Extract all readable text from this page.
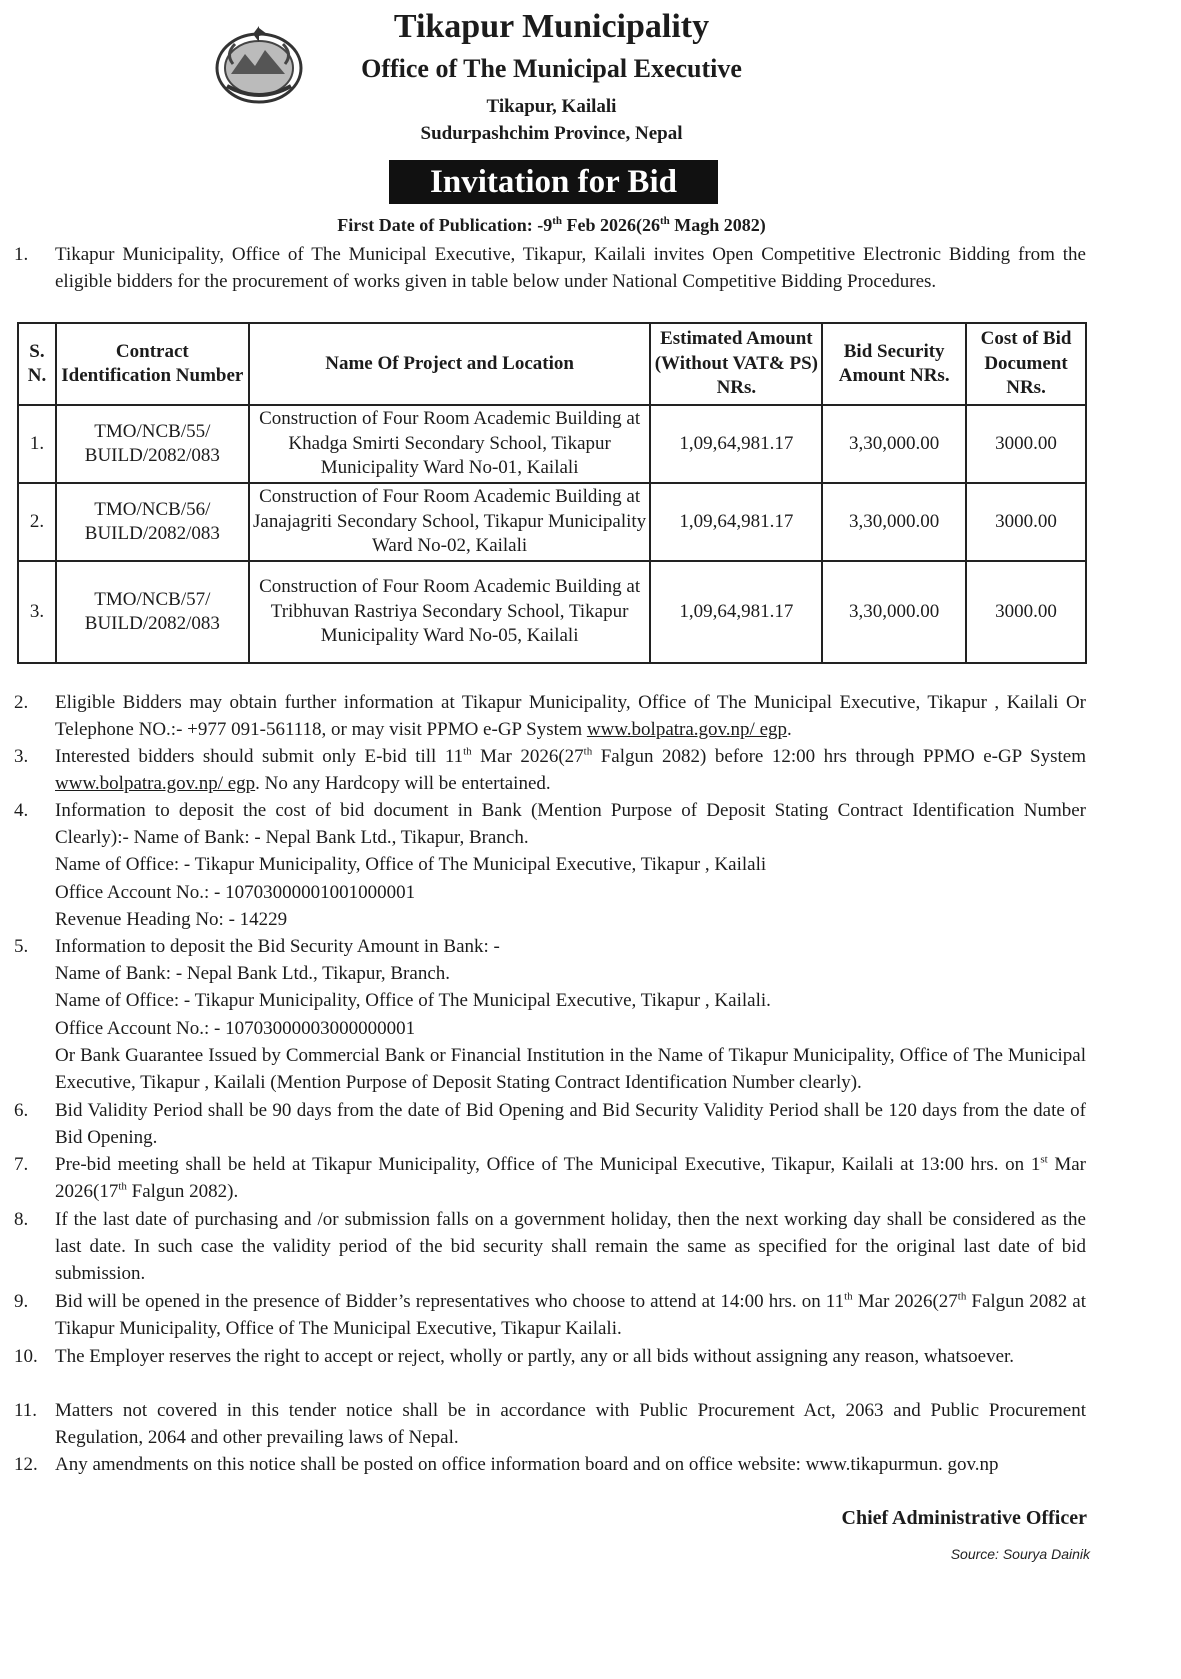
Tikapur Municipality
Office of The Municipal Executive
Tikapur, Kailali
Sudurpashchim Province, Nepal
Invitation for Bid
First Date of Publication: -9th Feb 2026(26th Magh 2082)
1. Tikapur Municipality, Office of The Municipal Executive, Tikapur, Kailali invites Open Competitive Electronic Bidding from the eligible bidders for the procurement of works given in table below under National Competitive Bidding Procedures.
S. N.	Contract Identification Number	Name Of Project and Location	Estimated Amount (Without VAT& PS) NRs.	Bid Security Amount NRs.	Cost of Bid Document NRs.
1.	TMO/NCB/55/ BUILD/2082/083	Construction of Four Room Academic Building at Khadga Smirti Secondary School, Tikapur Municipality Ward No-01, Kailali	1,09,64,981.17	3,30,000.00	3000.00
2.	TMO/NCB/56/ BUILD/2082/083	Construction of Four Room Academic Building at Janajagriti Secondary School, Tikapur Municipality Ward No-02, Kailali	1,09,64,981.17	3,30,000.00	3000.00
3.	TMO/NCB/57/ BUILD/2082/083	Construction of Four Room Academic Building at Tribhuvan Rastriya Secondary School, Tikapur Municipality Ward No-05, Kailali	1,09,64,981.17	3,30,000.00	3000.00
2. Eligible Bidders may obtain further information at Tikapur Municipality, Office of The Municipal Executive, Tikapur , Kailali Or Telephone NO.:- +977 091-561118, or may visit PPMO e-GP System www.bolpatra.gov.np/ egp.
3. Interested bidders should submit only E-bid till 11th Mar 2026(27th Falgun 2082) before 12:00 hrs through PPMO e-GP System www.bolpatra.gov.np/ egp. No any Hardcopy will be entertained.
4. Information to deposit the cost of bid document in Bank (Mention Purpose of Deposit Stating Contract Identification Number Clearly):- Name of Bank: - Nepal Bank Ltd., Tikapur, Branch.
Name of Office: - Tikapur Municipality, Office of The Municipal Executive, Tikapur , Kailali
Office Account No.: - 10703000001001000001
Revenue Heading No: - 14229
5. Information to deposit the Bid Security Amount in Bank: -
Name of Bank: - Nepal Bank Ltd., Tikapur, Branch.
Name of Office: - Tikapur Municipality, Office of The Municipal Executive, Tikapur , Kailali.
Office Account No.: - 10703000003000000001
Or Bank Guarantee Issued by Commercial Bank or Financial Institution in the Name of Tikapur Municipality, Office of The Municipal Executive, Tikapur , Kailali (Mention Purpose of Deposit Stating Contract Identification Number clearly).
6. Bid Validity Period shall be 90 days from the date of Bid Opening and Bid Security Validity Period shall be 120 days from the date of Bid Opening.
7. Pre-bid meeting shall be held at Tikapur Municipality, Office of The Municipal Executive, Tikapur, Kailali at 13:00 hrs. on 1st Mar 2026(17th Falgun 2082).
8. If the last date of purchasing and /or submission falls on a government holiday, then the next working day shall be considered as the last date. In such case the validity period of the bid security shall remain the same as specified for the original last date of bid submission.
9. Bid will be opened in the presence of Bidder’s representatives who choose to attend at 14:00 hrs. on 11th Mar 2026(27th Falgun 2082 at Tikapur Municipality, Office of The Municipal Executive, Tikapur Kailali.
10. The Employer reserves the right to accept or reject, wholly or partly, any or all bids without assigning any reason, whatsoever.
11. Matters not covered in this tender notice shall be in accordance with Public Procurement Act, 2063 and Public Procurement Regulation, 2064 and other prevailing laws of Nepal.
12. Any amendments on this notice shall be posted on office information board and on office website: www.tikapurmun. gov.np
Chief Administrative Officer
Source: Sourya Dainik
